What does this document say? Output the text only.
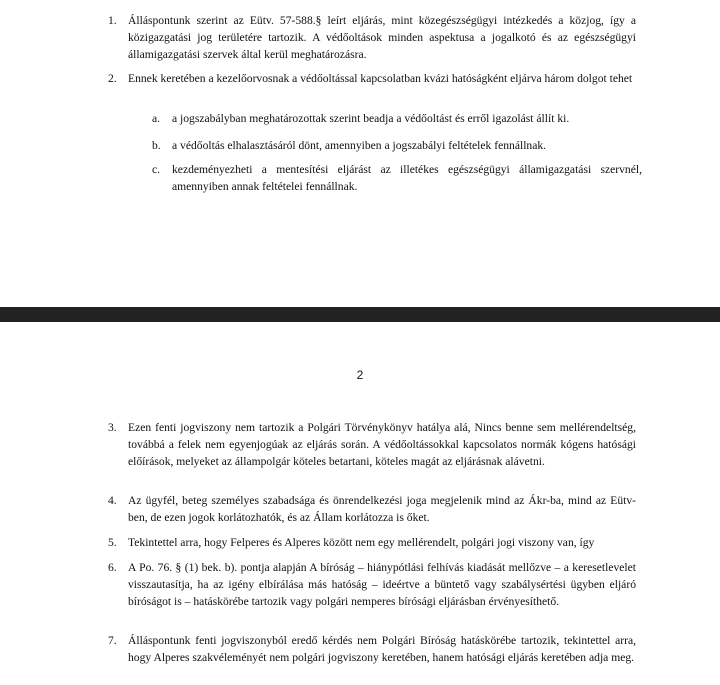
1. Álláspontunk szerint az Eütv. 57-588.§ leírt eljárás, mint közegészségügyi intézkedés a közjog, így a közigazgatási jog területére tartozik. A védőoltások minden aspektusa a jogalkotó és az egészségügyi államigazgatási szervek által kerül meghatározásra.
2. Ennek keretében a kezelőorvosnak a védőoltással kapcsolatban kvázi hatóságként eljárva három dolgot tehet
a.	a jogszabályban meghatározottak szerint beadja a védőoltást és erről igazolást állít ki.
b. a védőoltás elhalasztásáról dönt, amennyiben a jogszabályi feltételek fennállnak.
c.	kezdeményezheti a mentesítési eljárást az illetékes egészségügyi államigazgatási szervnél, amennyiben annak feltételei fennállnak.
2
3. Ezen fenti jogviszony nem tartozik a Polgári Törvénykönyv hatálya alá, Nincs benne sem mellérendeltség, továbbá a felek nem egyenjogúak az eljárás során. A védőoltássokkal kapcsolatos normák kógens hatósági előírások, melyeket az állampolgár köteles betartani, köteles magát az eljárásnak alávetni.
4. Az ügyfél, beteg személyes szabadsága és önrendelkezési joga megjelenik mind az Ákr-ba, mind az Eütv-ben, de ezen jogok korlátozhatók, és az Állam korlátozza is őket.
5. Tekintettel arra, hogy Felperes és Alperes között nem egy mellérendelt, polgári jogi viszony van, így
6. A Po. 76. § (1) bek. b). pontja alapján A bíróság – hiánypótlási felhívás kiadását mellőzve – a keresetlevelet visszautasítja, ha az igény elbírálása más hatóság – ideértve a büntető vagy szabálysértési ügyben eljáró bíróságot is – hatáskörébe tartozik vagy polgári nemperes bírósági eljárásban érvényesíthető.
7. Álláspontunk fenti jogviszonyból eredő kérdés nem Polgári Bíróság hatáskörébe tartozik, tekintettel arra, hogy Alperes szakvéleményét nem polgári jogviszony keretében, hanem hatósági eljárás keretében adja meg.
